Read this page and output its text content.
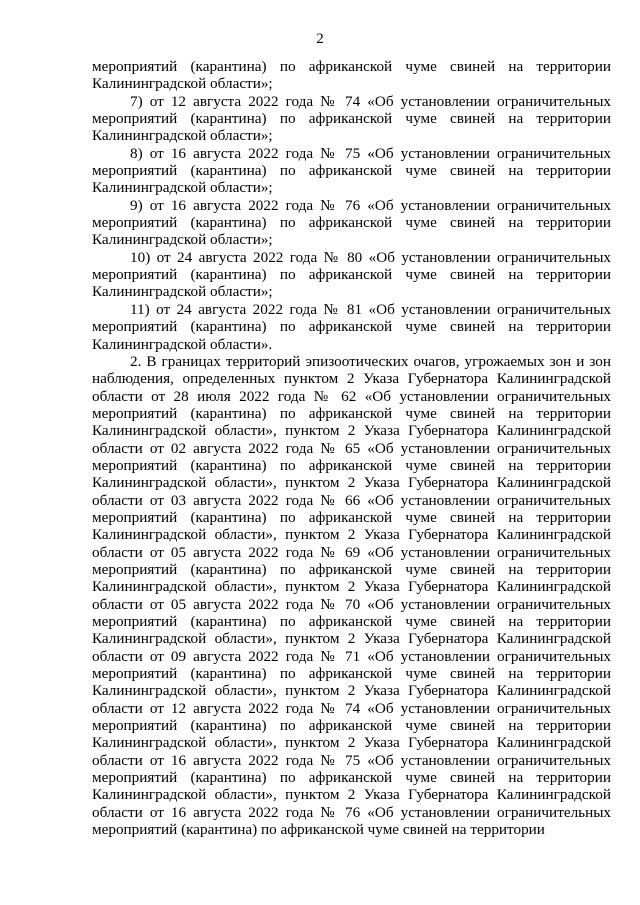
2

мероприятий (карантина) по африканской чуме свиней на территории Калининградской области»;

7) от 12 августа 2022 года № 74 «Об установлении ограничительных мероприятий (карантина) по африканской чуме свиней на территории Калининградской области»;

8) от 16 августа 2022 года № 75 «Об установлении ограничительных мероприятий (карантина) по африканской чуме свиней на территории Калининградской области»;

9) от 16 августа 2022 года № 76 «Об установлении ограничительных мероприятий (карантина) по африканской чуме свиней на территории Калининградской области»;

10) от 24 августа 2022 года № 80 «Об установлении ограничительных мероприятий (карантина) по африканской чуме свиней на территории Калининградской области»;

11) от 24 августа 2022 года № 81 «Об установлении ограничительных мероприятий (карантина) по африканской чуме свиней на территории Калининградской области».

2. В границах территорий эпизоотических очагов, угрожаемых зон и зон наблюдения, определенных пунктом 2 Указа Губернатора Калининградской области от 28 июля 2022 года № 62 «Об установлении ограничительных мероприятий (карантина) по африканской чуме свиней на территории Калининградской области», пунктом 2 Указа Губернатора Калининградской области от 02 августа 2022 года № 65 «Об установлении ограничительных мероприятий (карантина) по африканской чуме свиней на территории Калининградской области», пунктом 2 Указа Губернатора Калининградской области от 03 августа 2022 года № 66 «Об установлении ограничительных мероприятий (карантина) по африканской чуме свиней на территории Калининградской области», пунктом 2 Указа Губернатора Калининградской области от 05 августа 2022 года № 69 «Об установлении ограничительных мероприятий (карантина) по африканской чуме свиней на территории Калининградской области», пунктом 2 Указа Губернатора Калининградской области от 05 августа 2022 года № 70 «Об установлении ограничительных мероприятий (карантина) по африканской чуме свиней на территории Калининградской области», пунктом 2 Указа Губернатора Калининградской области от 09 августа 2022 года № 71 «Об установлении ограничительных мероприятий (карантина) по африканской чуме свиней на территории Калининградской области», пунктом 2 Указа Губернатора Калининградской области от 12 августа 2022 года № 74 «Об установлении ограничительных мероприятий (карантина) по африканской чуме свиней на территории Калининградской области», пунктом 2 Указа Губернатора Калининградской области от 16 августа 2022 года № 75 «Об установлении ограничительных мероприятий (карантина) по африканской чуме свиней на территории Калининградской области», пунктом 2 Указа Губернатора Калининградской области от 16 августа 2022 года № 76 «Об установлении ограничительных мероприятий (карантина) по африканской чуме свиней на территории
